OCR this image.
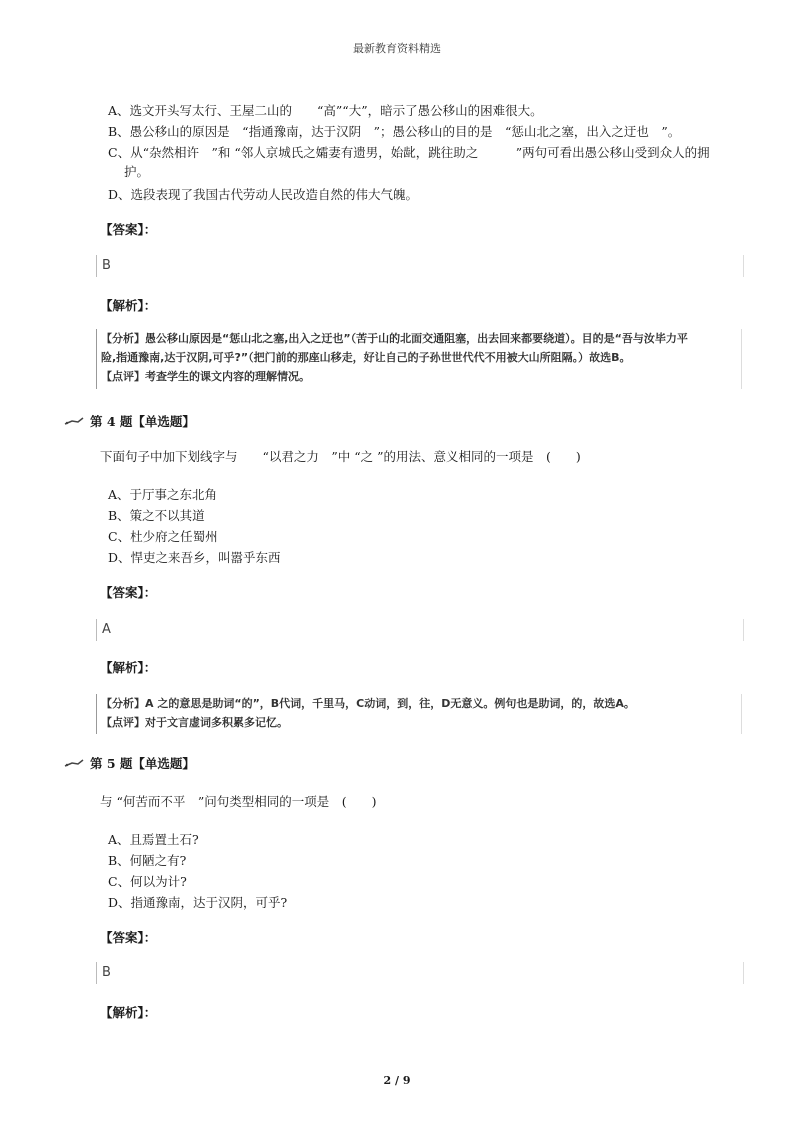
最新教育资料精选
A、选文开头写太行、王屋二山的　　“高”“大”，暗示了愚公移山的困难很大。
B、愚公移山的原因是　“指通豫南，达于汉阴　”；愚公移山的目的是　“惩山北之塞，出入之迂也　”。
C、从“杂然相许　”和 “邻人京城氏之孀妻有遗男，始龀，跳往助之　　　”两句可看出愚公移山受到众人的拥
护。
D、选段表现了我国古代劳动人民改造自然的伟大气魄。
【答案】：
B
【解析】：
【分析】愚公移山原因是“惩山北之塞,出入之迂也”（苦于山的北面交通阻塞，出去回来都要绕道）。目的是“吾与汝毕力平
险,指通豫南,达于汉阴,可乎?”（把门前的那座山移走，好让自己的子孙世世代代不用被大山所阻隔。）故选B。
【点评】考查学生的课文内容的理解情况。
第 4 题【单选题】
下面句子中加下划线字与　　“以君之力　”中 “之 ”的用法、意义相同的一项是　(　　)
A、于厅事之东北角
B、策之不以其道
C、杜少府之任蜀州
D、悍吏之来吾乡，叫嚣乎东西
【答案】：
A
【解析】：
【分析】A 之的意思是助词“的”，B代词，千里马，C动词，到，往，D无意义。例句也是助词，的，故选A。
【点评】对于文言虚词多积累多记忆。
第 5 题【单选题】
与 “何苦而不平　”问句类型相同的一项是　(　　)
A、且焉置土石?
B、何陋之有?
C、何以为计?
D、指通豫南，达于汉阴，可乎?
【答案】：
B
【解析】：
2 / 9
